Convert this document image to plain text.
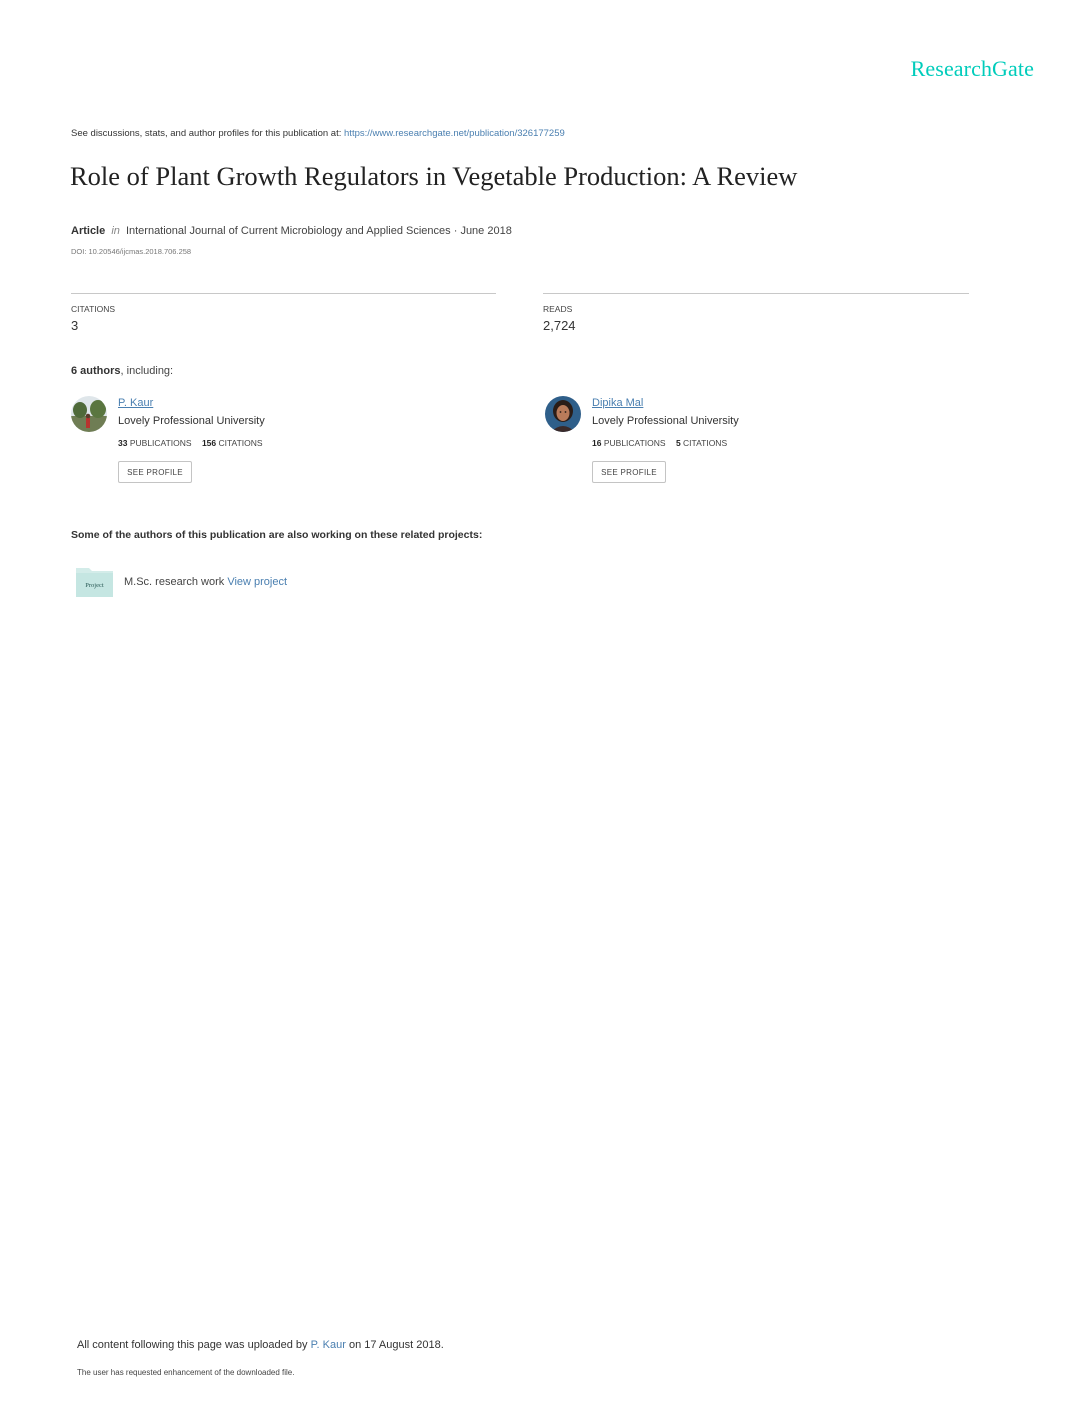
ResearchGate
See discussions, stats, and author profiles for this publication at: https://www.researchgate.net/publication/326177259
Role of Plant Growth Regulators in Vegetable Production: A Review
Article in International Journal of Current Microbiology and Applied Sciences · June 2018
DOI: 10.20546/ijcmas.2018.706.258
CITATIONS
3
READS
2,724
6 authors, including:
P. Kaur
Lovely Professional University
33 PUBLICATIONS 156 CITATIONS
SEE PROFILE
Dipika Mal
Lovely Professional University
16 PUBLICATIONS 5 CITATIONS
SEE PROFILE
Some of the authors of this publication are also working on these related projects:
Project M.Sc. research work View project
All content following this page was uploaded by P. Kaur on 17 August 2018.
The user has requested enhancement of the downloaded file.
